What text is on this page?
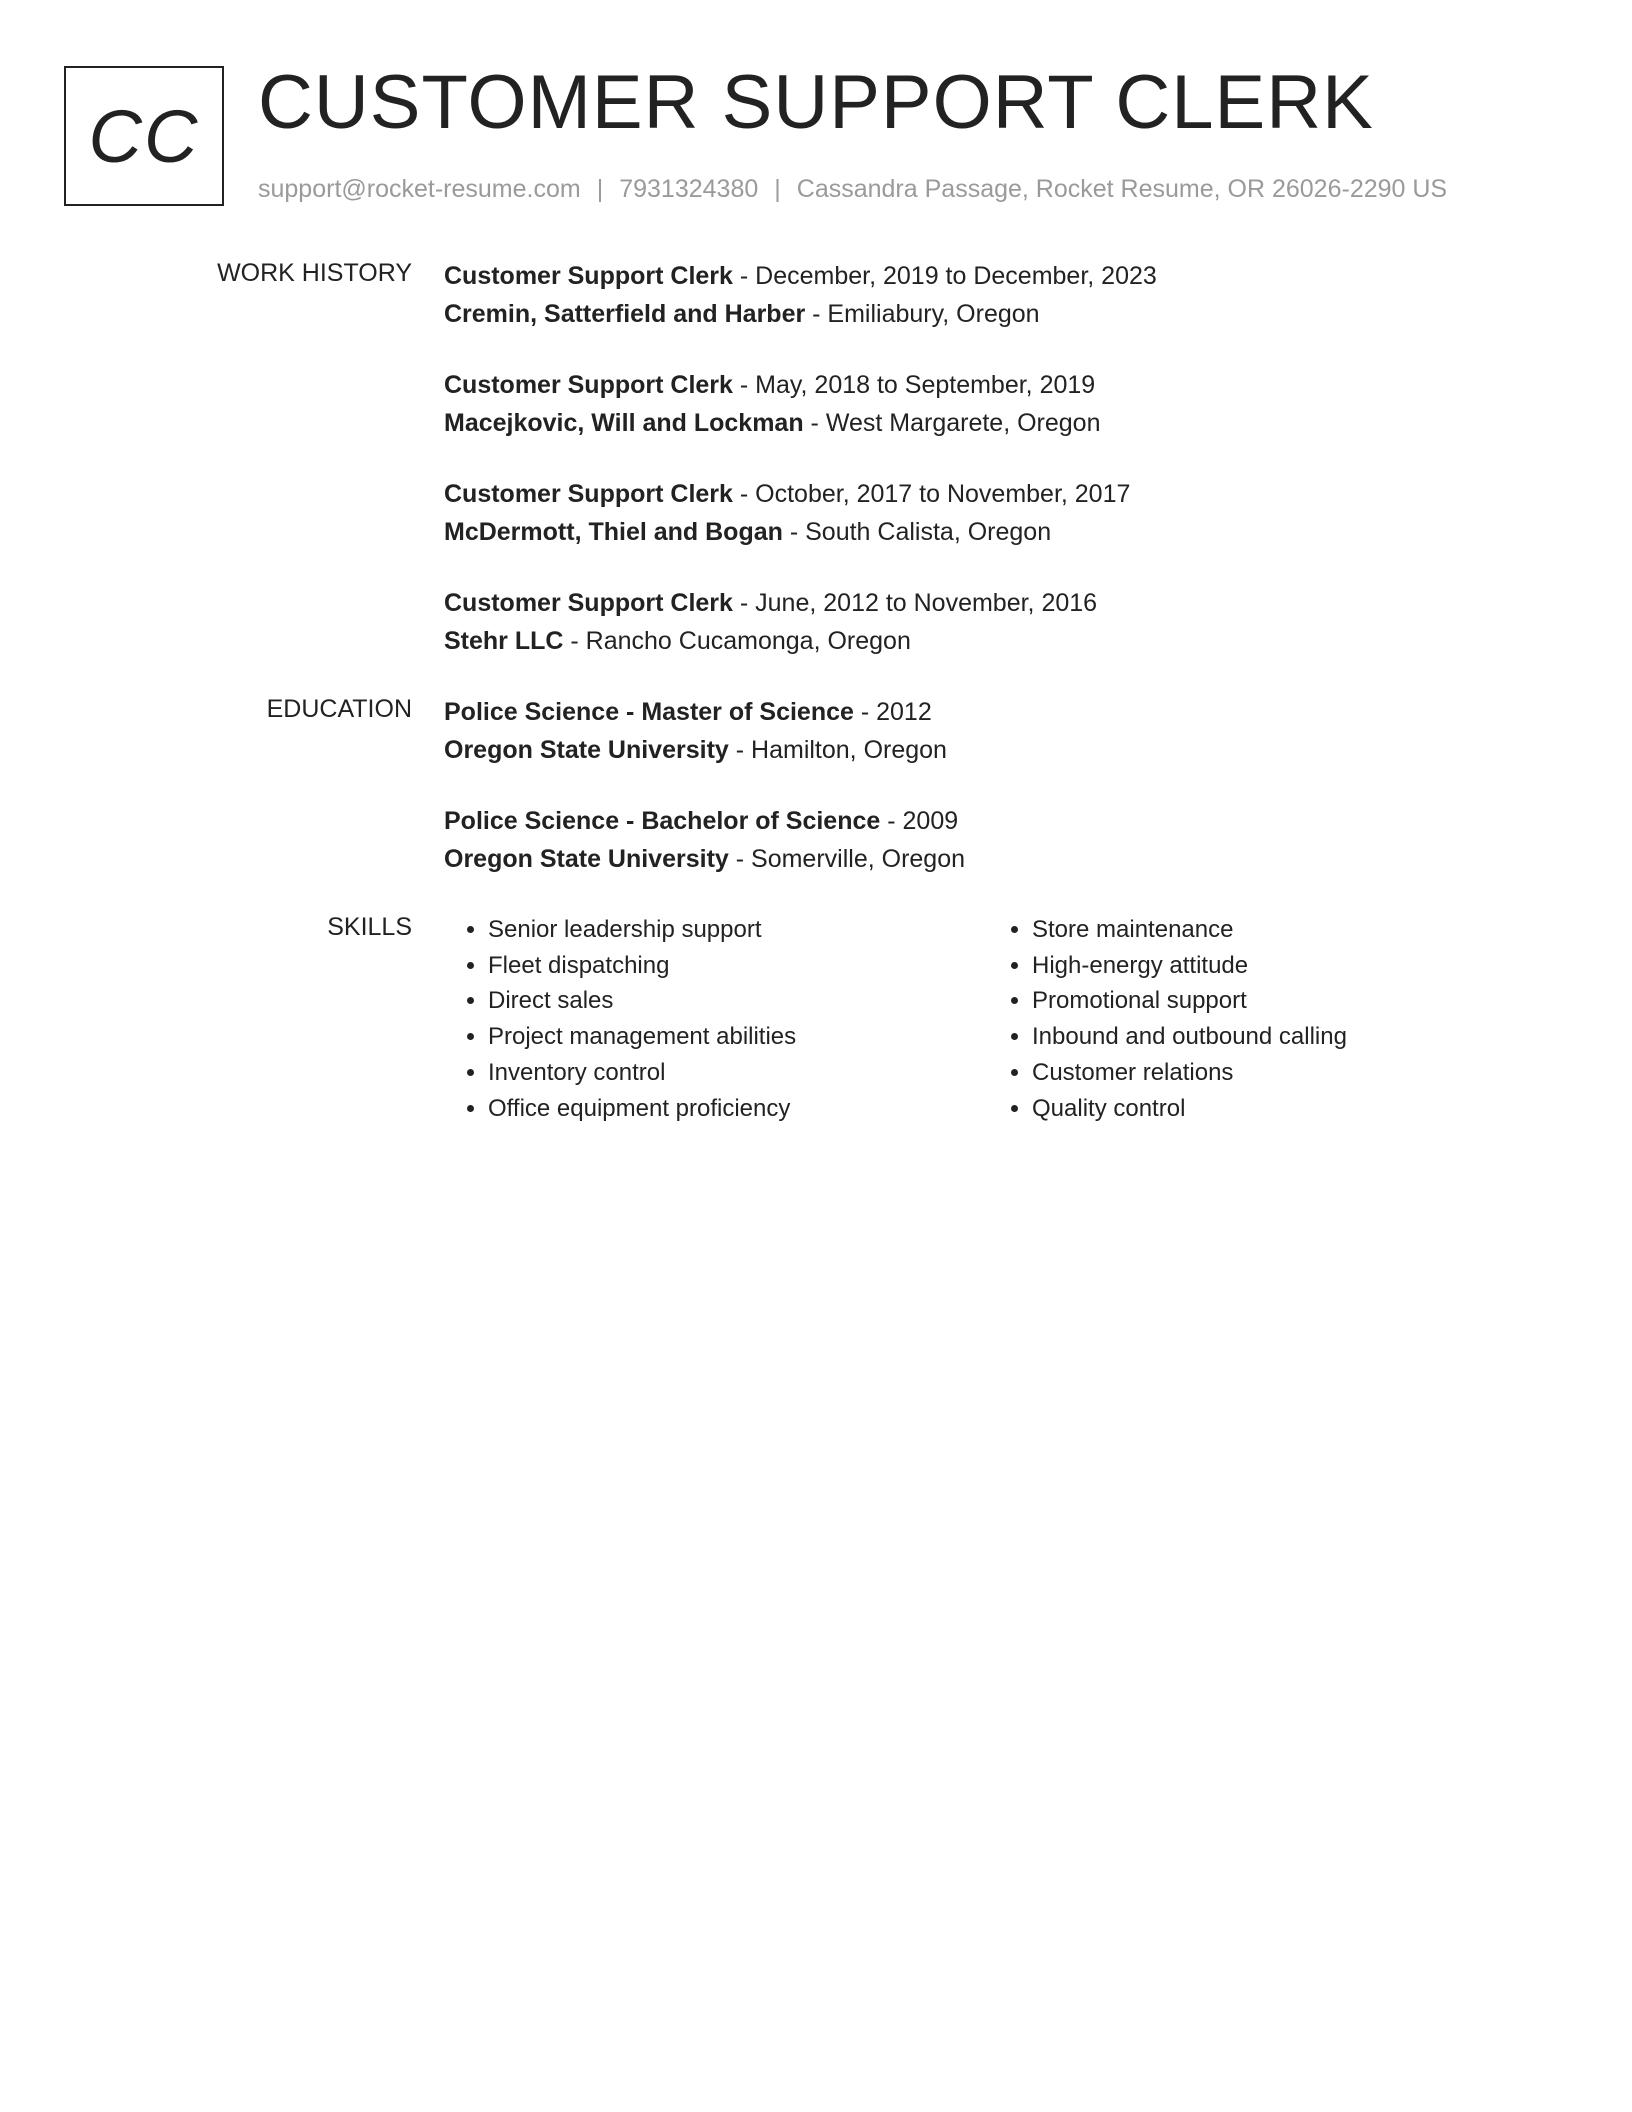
CC CUSTOMER SUPPORT CLERK
support@rocket-resume.com | 7931324380 | Cassandra Passage, Rocket Resume, OR 26026-2290 US
WORK HISTORY Customer Support Clerk - December, 2019 to December, 2023
Cremin, Satterfield and Harber - Emiliabury, Oregon
Customer Support Clerk - May, 2018 to September, 2019
Macejkovic, Will and Lockman - West Margarete, Oregon
Customer Support Clerk - October, 2017 to November, 2017
McDermott, Thiel and Bogan - South Calista, Oregon
Customer Support Clerk - June, 2012 to November, 2016
Stehr LLC - Rancho Cucamonga, Oregon
EDUCATION Police Science - Master of Science - 2012
Oregon State University - Hamilton, Oregon
Police Science - Bachelor of Science - 2009
Oregon State University - Somerville, Oregon
SKILLS
•	Senior leadership support
• Fleet dispatching
• Direct sales
• Project management abilities
• Inventory control
• Office equipment proficiency
• Store maintenance
• High-energy attitude
• Promotional support
• Inbound and outbound calling
• Customer relations
• Quality control
